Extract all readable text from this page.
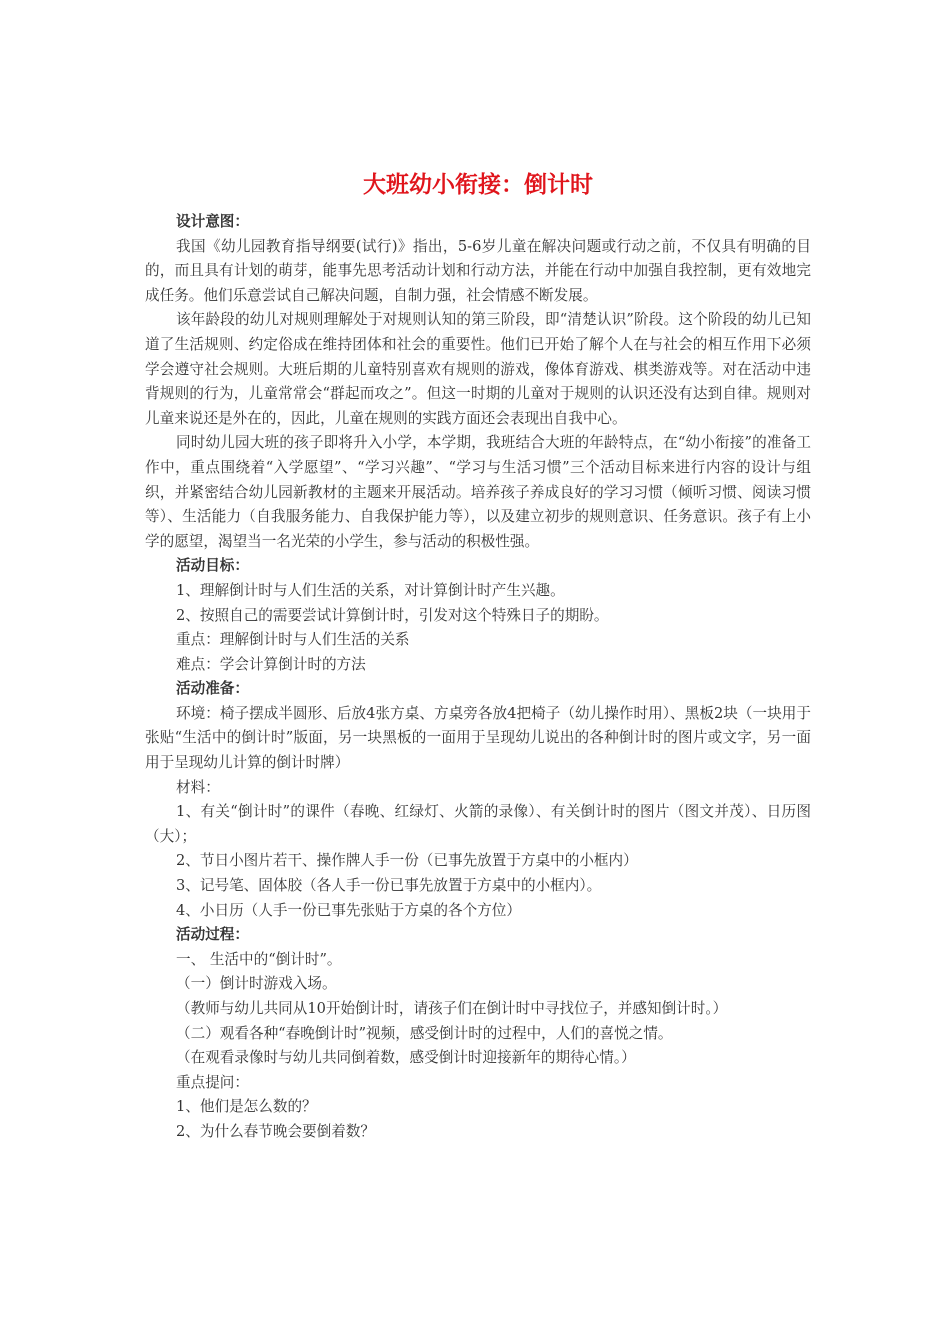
大班幼小衔接：倒计时

设计意图：

我国《幼儿园教育指导纲要(试行)》指出，5-6岁儿童在解决问题或行动之前，不仅具有明确的目的，而且具有计划的萌芽，能事先思考活动计划和行动方法，并能在行动中加强自我控制，更有效地完成任务。他们乐意尝试自己解决问题，自制力强，社会情感不断发展。

该年龄段的幼儿对规则理解处于对规则认知的第三阶段，即“清楚认识”阶段。这个阶段的幼儿已知道了生活规则、约定俗成在维持团体和社会的重要性。他们已开始了解个人在与社会的相互作用下必须学会遵守社会规则。大班后期的儿童特别喜欢有规则的游戏，像体育游戏、棋类游戏等。对在活动中违背规则的行为，儿童常常会“群起而攻之”。但这一时期的儿童对于规则的认识还没有达到自律。规则对儿童来说还是外在的，因此，儿童在规则的实践方面还会表现出自我中心。

同时幼儿园大班的孩子即将升入小学，本学期，我班结合大班的年龄特点，在“幼小衔接”的准备工作中，重点围绕着“入学愿望”、“学习兴趣”、“学习与生活习惯”三个活动目标来进行内容的设计与组织，并紧密结合幼儿园新教材的主题来开展活动。培养孩子养成良好的学习习惯（倾听习惯、阅读习惯等）、生活能力（自我服务能力、自我保护能力等），以及建立初步的规则意识、任务意识。孩子有上小学的愿望，渴望当一名光荣的小学生，参与活动的积极性强。

活动目标：

1、理解倒计时与人们生活的关系，对计算倒计时产生兴趣。

2、按照自己的需要尝试计算倒计时，引发对这个特殊日子的期盼。

重点：理解倒计时与人们生活的关系

难点：学会计算倒计时的方法

活动准备：

环境：椅子摆成半圆形、后放4张方桌、方桌旁各放4把椅子（幼儿操作时用）、黑板2块（一块用于张贴“生活中的倒计时”版面，另一块黑板的一面用于呈现幼儿说出的各种倒计时的图片或文字，另一面用于呈现幼儿计算的倒计时牌）

材料：

1、有关“倒计时”的课件（春晚、红绿灯、火箭的录像）、有关倒计时的图片（图文并茂）、日历图（大）；

2、节日小图片若干、操作牌人手一份（已事先放置于方桌中的小框内）

3、记号笔、固体胶（各人手一份已事先放置于方桌中的小框内）。

4、小日历（人手一份已事先张贴于方桌的各个方位）

活动过程：

一、 生活中的“倒计时”。

（一）倒计时游戏入场。

（教师与幼儿共同从10开始倒计时，请孩子们在倒计时中寻找位子，并感知倒计时。）

（二）观看各种“春晚倒计时”视频，感受倒计时的过程中，人们的喜悦之情。

（在观看录像时与幼儿共同倒着数，感受倒计时迎接新年的期待心情。）

重点提问：

1、他们是怎么数的？

2、为什么春节晚会要倒着数？
